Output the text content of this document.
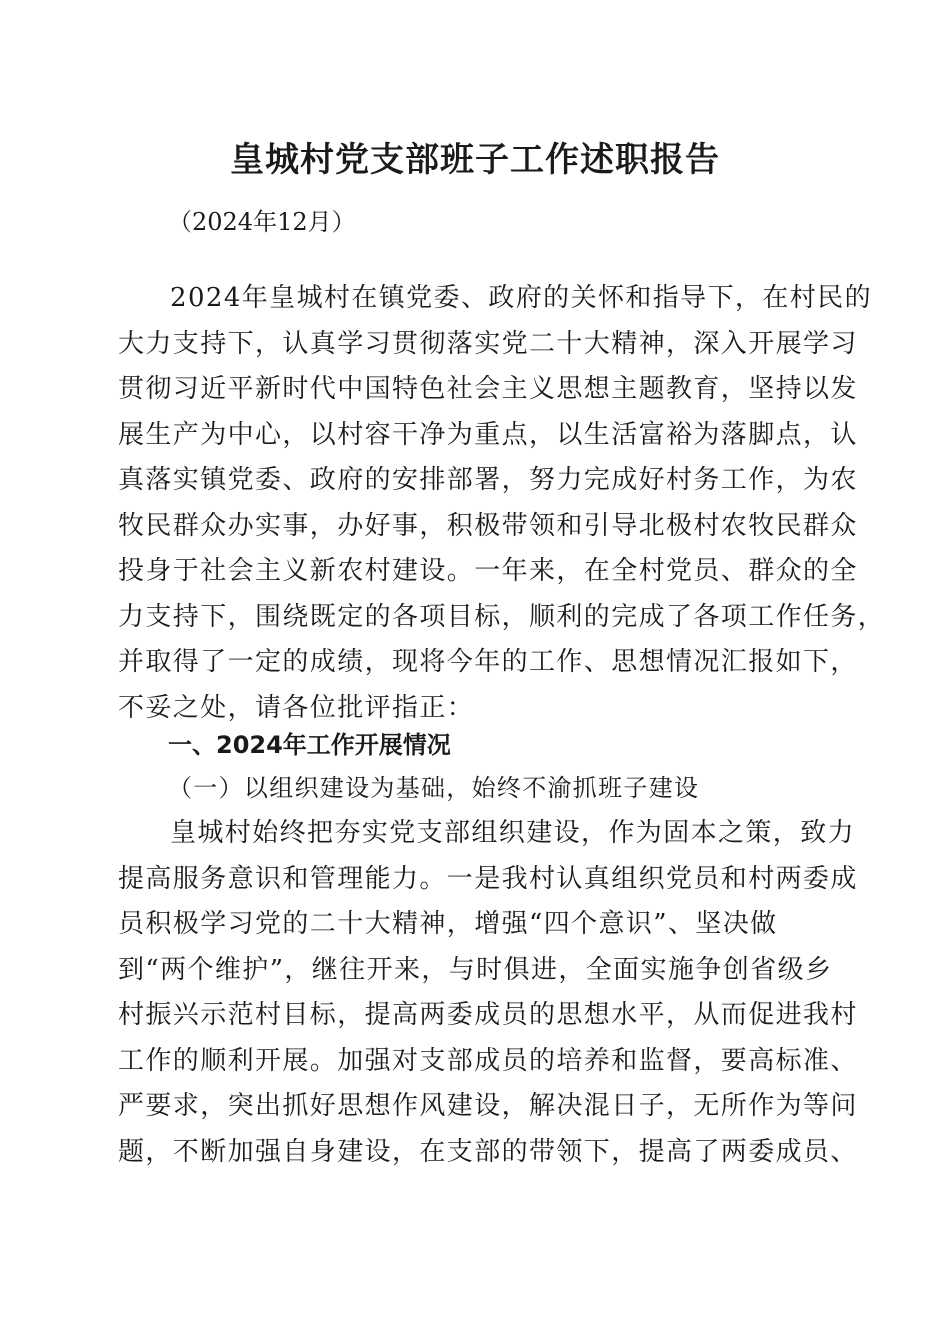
皇城村党支部班子工作述职报告
（2024年12月）
2024年皇城村在镇党委、政府的关怀和指导下，在村民的
大力支持下，认真学习贯彻落实党二十大精神，深入开展学习
贯彻习近平新时代中国特色社会主义思想主题教育，坚持以发
展生产为中心，以村容干净为重点，以生活富裕为落脚点，认
真落实镇党委、政府的安排部署，努力完成好村务工作，为农
牧民群众办实事，办好事，积极带领和引导北极村农牧民群众
投身于社会主义新农村建设。一年来，在全村党员、群众的全
力支持下，围绕既定的各项目标，顺利的完成了各项工作任务，
并取得了一定的成绩，现将今年的工作、思想情况汇报如下，
不妥之处，请各位批评指正：
一、2024年工作开展情况
（一）以组织建设为基础，始终不渝抓班子建设
皇城村始终把夯实党支部组织建设，作为固本之策，致力
提高服务意识和管理能力。一是我村认真组织党员和村两委成
员积极学习党的二十大精神，增强“四个意识”、坚决做
到“两个维护”，继往开来，与时俱进，全面实施争创省级乡
村振兴示范村目标，提高两委成员的思想水平，从而促进我村
工作的顺利开展。加强对支部成员的培养和监督，要高标准、
严要求，突出抓好思想作风建设，解决混日子，无所作为等问
题，不断加强自身建设，在支部的带领下，提高了两委成员、
